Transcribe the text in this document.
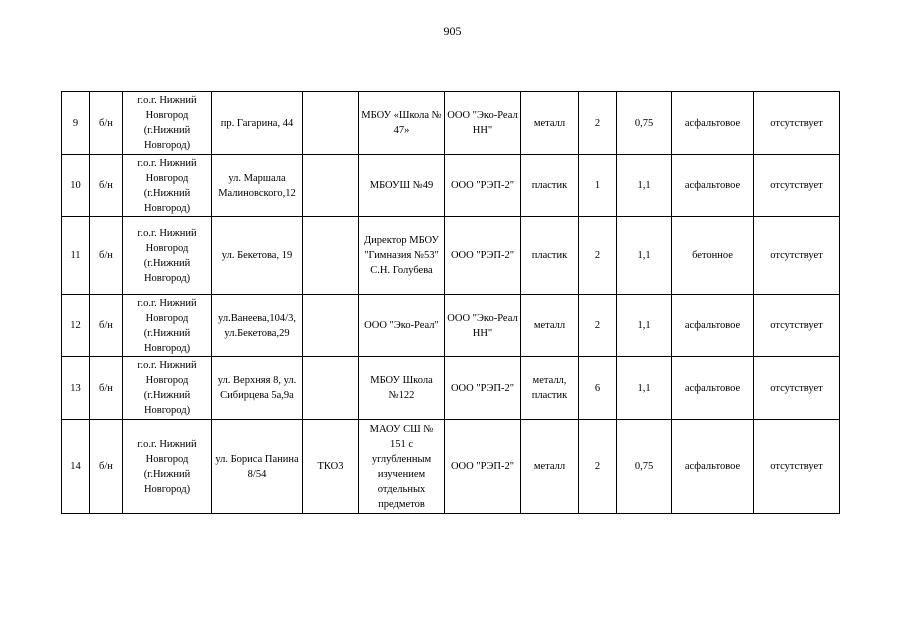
905
9	б/н	г.о.г. Нижний Новгород (г.Нижний Новгород)	пр. Гагарина, 44		МБОУ «Школа № 47»	ООО "Эко-Реал НН"	металл	2	0,75	асфальтовое	отсутствует
10	б/н	г.о.г. Нижний Новгород (г.Нижний Новгород)	ул. Маршала Малиновского,12		МБОУШ №49	ООО "РЭП-2"	пластик	1	1,1	асфальтовое	отсутствует
11	б/н	г.о.г. Нижний Новгород (г.Нижний Новгород)	ул. Бекетова, 19		Директор МБОУ "Гимназия №53" С.Н. Голубева	ООО "РЭП-2"	пластик	2	1,1	бетонное	отсутствует
12	б/н	г.о.г. Нижний Новгород (г.Нижний Новгород)	ул.Ванеева,104/3, ул.Бекетова,29		ООО "Эко-Реал"	ООО "Эко-Реал НН"	металл	2	1,1	асфальтовое	отсутствует
13	б/н	г.о.г. Нижний Новгород (г.Нижний Новгород)	ул. Верхняя 8, ул. Сибирцева 5а,9а		МБОУ Школа №122	ООО "РЭП-2"	металл, пластик	6	1,1	асфальтовое	отсутствует
14	б/н	г.о.г. Нижний Новгород (г.Нижний Новгород)	ул. Бориса Панина 8/54	ТКО3	МАОУ СШ № 151 с углубленным изучением отдельных предметов	ООО "РЭП-2"	металл	2	0,75	асфальтовое	отсутствует
